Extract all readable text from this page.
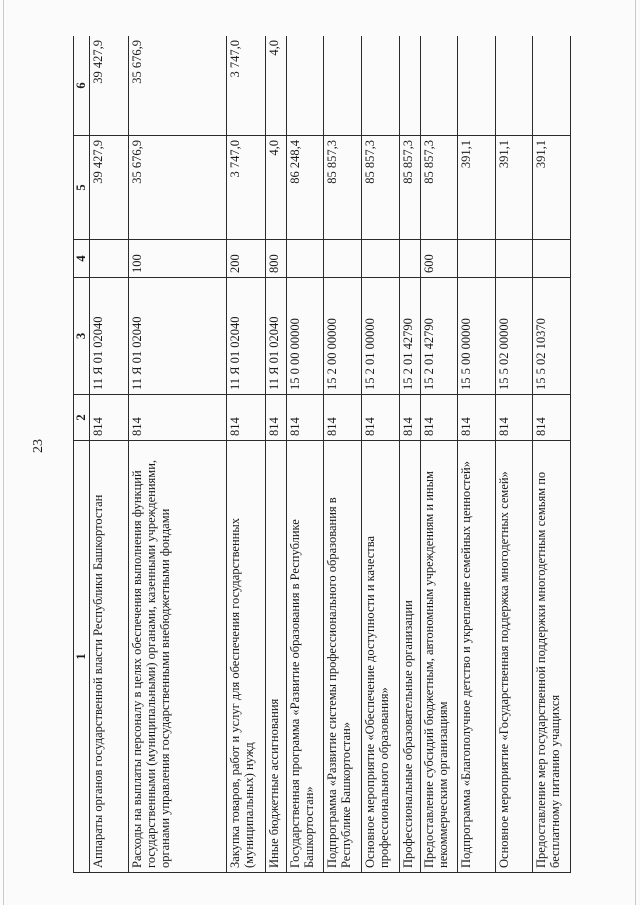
23
1	2	3	4	5	6
Аппараты органов государственной власти Республики Башкортостан	814	11 Я 01 02040		39 427,9	39 427,9
Расходы на выплаты персоналу в целях обеспечения выполнения функций государственными (муниципальными) органами, казенными учреждениями, органами управления государственными внебюджетными фондами	814	11 Я 01 02040	100	35 676,9	35 676,9
Закупка товаров, работ и услуг для обеспечения государственных (муниципальных) нужд	814	11 Я 01 02040	200	3 747,0	3 747,0
Иные бюджетные ассигнования	814	11 Я 01 02040	800	4,0	4,0
Государственная программа «Развитие образования в Республике Башкортостан»	814	15 0 00 00000		86 248,4	
Подпрограмма «Развитие системы профессионального образования в Республике Башкортостан»	814	15 2 00 00000		85 857,3	
Основное мероприятие «Обеспечение доступности и качества профессионального образования»	814	15 2 01 00000		85 857,3	
Профессиональные образовательные организации	814	15 2 01 42790		85 857,3	
Предоставление субсидий бюджетным, автономным учреждениям и иным некоммерческим организациям	814	15 2 01 42790	600	85 857,3	
Подпрограмма «Благополучное детство и укрепление семейных ценностей»	814	15 5 00 00000		391,1	
Основное мероприятие «Государственная поддержка многодетных семей»	814	15 5 02 00000		391,1	
Предоставление мер государственной поддержки многодетным семьям по бесплатному питанию учащихся	814	15 5 02 10370		391,1	
